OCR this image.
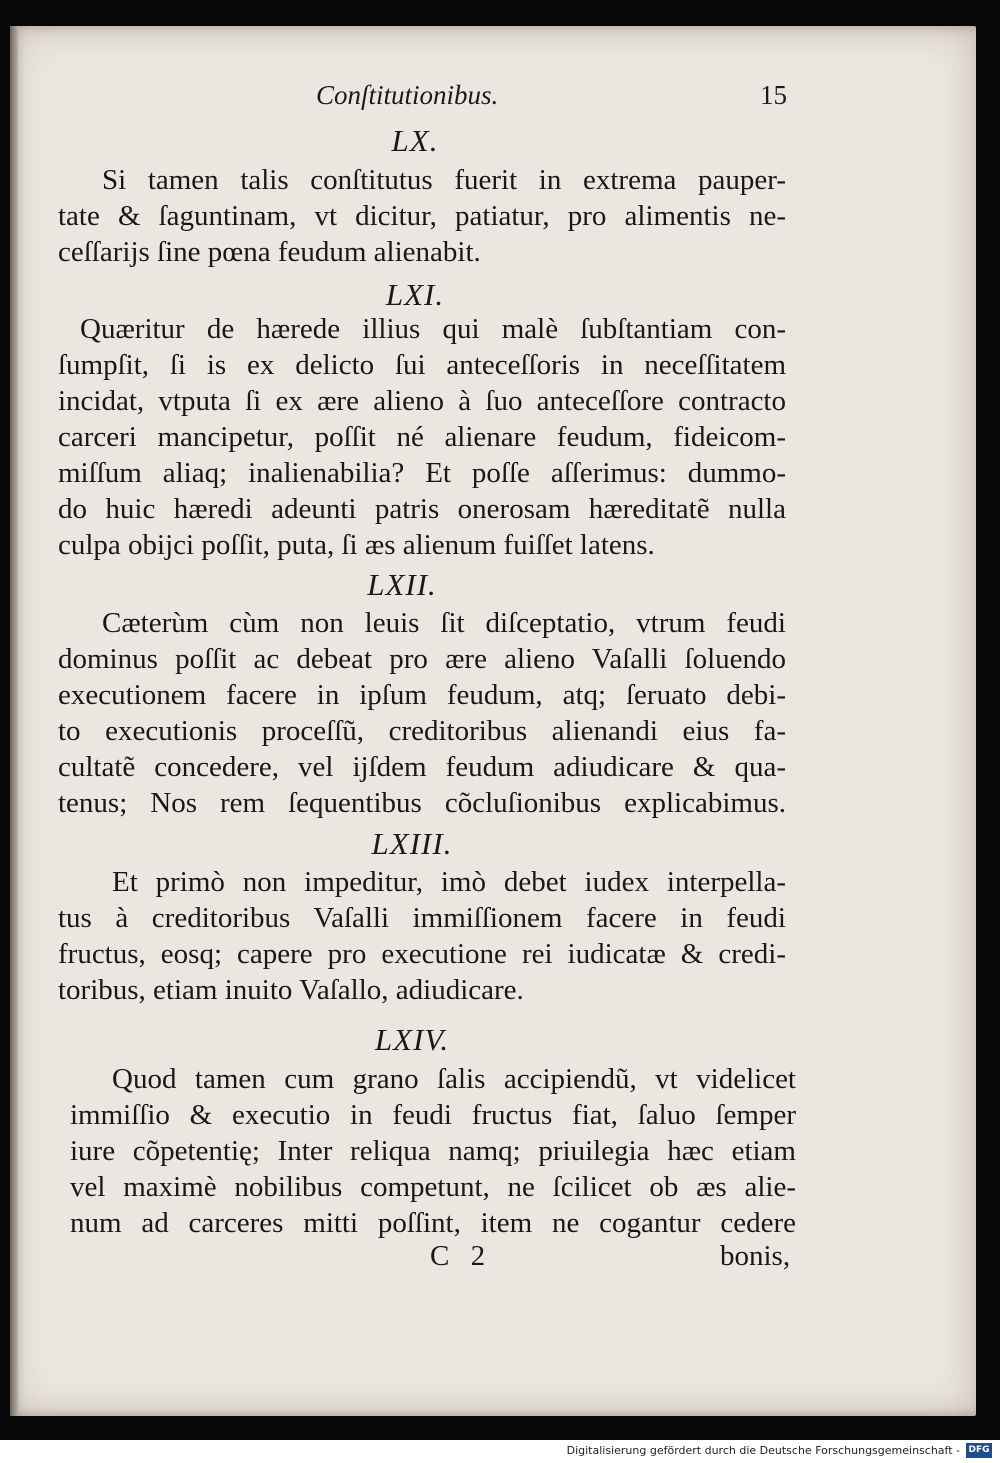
Conſtitutionibus.	15
LX.
Si tamen talis conſtitutus fuerit in extrema pauper-
tate & ſaguntinam, vt dicitur, patiatur, pro alimentis ne-
ceſſarijs ſine pœna feudum alienabit.
LXI.
Quæritur de hærede illius qui malè ſubſtantiam con-
ſumpſit, ſi is ex delicto ſui anteceſſoris in neceſſitatem
incidat, vtputa ſi ex ære alieno à ſuo anteceſſore contracto
carceri mancipetur, poſſit né alienare feudum, fideicom-
miſſum aliaq; inalienabilia? Et poſſe aſſerimus: dummo-
do huic hæredi adeunti patris onerosam hæreditatẽ nulla
culpa obijci poſſit, puta, ſi æs alienum fuiſſet latens.
LXII.
Cæterùm cùm non leuis ſit diſceptatio, vtrum feudi
dominus poſſit ac debeat pro ære alieno Vaſalli ſoluendo
executionem facere in ipſum feudum, atq; ſeruato debi-
to executionis proceſſũ, creditoribus alienandi eius fa-
cultatẽ concedere, vel ijſdem feudum adiudicare & qua-
tenus; Nos rem ſequentibus cõcluſionibus explicabimus.
LXIII.
Et primò non impeditur, imò debet iudex interpella-
tus à creditoribus Vaſalli immiſſionem facere in feudi
fructus, eosq; capere pro executione rei iudicatæ & credi-
toribus, etiam inuito Vaſallo, adiudicare.
LXIV.
Quod tamen cum grano ſalis accipiendũ, vt videlicet
immiſſio & executio in feudi fructus fiat, ſaluo ſemper
iure cõpetentię; Inter reliqua namq; priuilegia hæc etiam
vel maximè nobilibus competunt, ne ſcilicet ob æs alie-
num ad carceres mitti poſſint, item ne cogantur cedere
C 2	bonis,
Digitalisierung gefördert durch die Deutsche Forschungsgemeinschaft - DFG
